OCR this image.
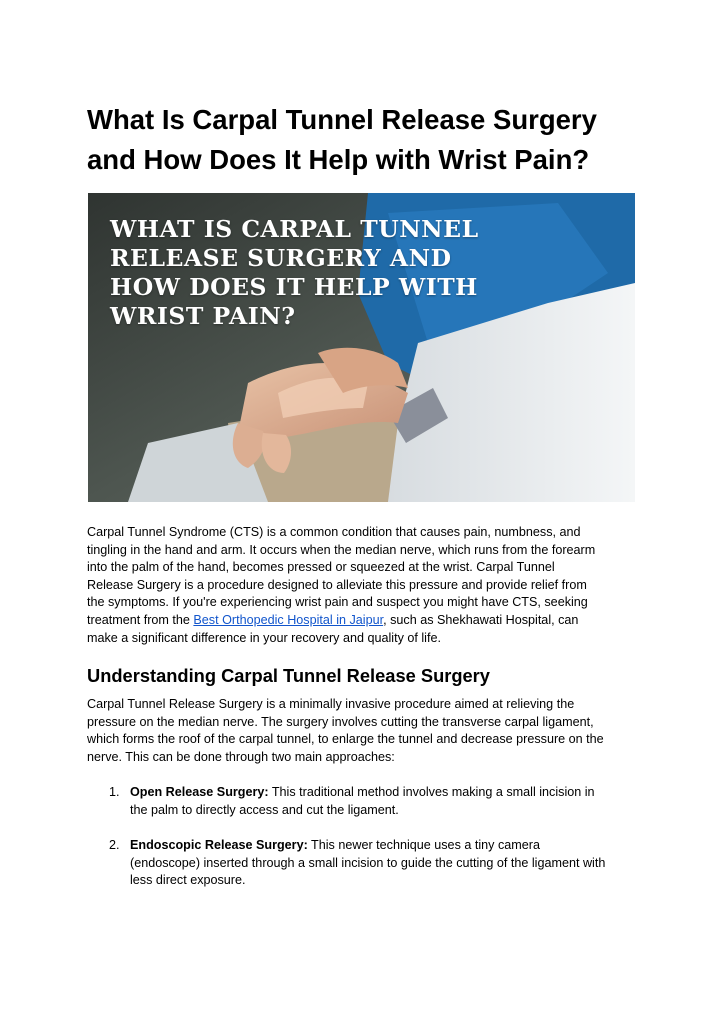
What Is Carpal Tunnel Release Surgery
and How Does It Help with Wrist Pain?
WHAT IS CARPAL TUNNEL
RELEASE SURGERY AND
HOW DOES IT HELP WITH
WRIST PAIN?
Carpal Tunnel Syndrome (CTS) is a common condition that causes pain, numbness, and
tingling in the hand and arm. It occurs when the median nerve, which runs from the forearm
into the palm of the hand, becomes pressed or squeezed at the wrist. Carpal Tunnel
Release Surgery is a procedure designed to alleviate this pressure and provide relief from
the symptoms. If you're experiencing wrist pain and suspect you might have CTS, seeking
treatment from the Best Orthopedic Hospital in Jaipur, such as Shekhawati Hospital, can
make a significant difference in your recovery and quality of life.
Understanding Carpal Tunnel Release Surgery
Carpal Tunnel Release Surgery is a minimally invasive procedure aimed at relieving the
pressure on the median nerve. The surgery involves cutting the transverse carpal ligament,
which forms the roof of the carpal tunnel, to enlarge the tunnel and decrease pressure on the
nerve. This can be done through two main approaches:
1. Open Release Surgery: This traditional method involves making a small incision in
the palm to directly access and cut the ligament.
2. Endoscopic Release Surgery: This newer technique uses a tiny camera
(endoscope) inserted through a small incision to guide the cutting of the ligament with
less direct exposure.
